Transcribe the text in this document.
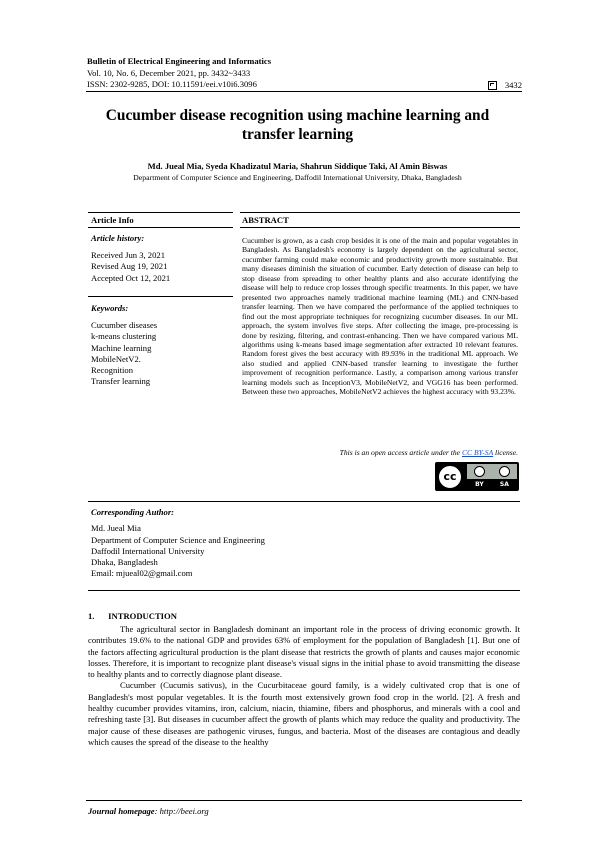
Bulletin of Electrical Engineering and Informatics
Vol. 10, No. 6, December 2021, pp. 3432~3433
ISSN: 2302-9285, DOI: 10.11591/eei.v10i6.3096	3432
Cucumber disease recognition using machine learning and transfer learning
Md. Jueal Mia, Syeda Khadizatul Maria, Shahrun Siddique Taki, Al Amin Biswas
Department of Computer Science and Engineering, Daffodil International University, Dhaka, Bangladesh
Article Info	ABSTRACT
Article history:
Received Jun 3, 2021
Revised Aug 19, 2021
Accepted Oct 12, 2021
Keywords:
Cucumber diseases
k-means clustering
Machine learning
MobileNetV2.
Recognition
Transfer learning
Cucumber is grown, as a cash crop besides it is one of the main and popular vegetables in Bangladesh. As Bangladesh's economy is largely dependent on the agricultural sector, cucumber farming could make economic and productivity growth more sustainable. But many diseases diminish the situation of cucumber. Early detection of disease can help to stop disease from spreading to other healthy plants and also accurate identifying the disease will help to reduce crop losses through specific treatments. In this paper, we have presented two approaches namely traditional machine learning (ML) and CNN-based transfer learning. Then we have compared the performance of the applied techniques to find out the most appropriate techniques for recognizing cucumber diseases. In our ML approach, the system involves five steps. After collecting the image, pre-processing is done by resizing, filtering, and contrast-enhancing. Then we have compared various ML algorithms using k-means based image segmentation after extracted 10 relevant features. Random forest gives the best accuracy with 89.93% in the traditional ML approach. We also studied and applied CNN-based transfer learning to investigate the further improvement of recognition performance. Lastly, a comparison among various transfer learning models such as InceptionV3, MobileNetV2, and VGG16 has been performed. Between these two approaches, MobileNetV2 achieves the highest accuracy with 93.23%.
This is an open access article under the CC BY-SA license.
cc
BY	SA
Corresponding Author:
Md. Jueal Mia
Department of Computer Science and Engineering
Daffodil International University
Dhaka, Bangladesh
Email: mjueal02@gmail.com
1. INTRODUCTION

The agricultural sector in Bangladesh dominant an important role in the process of driving economic growth. It contributes 19.6% to the national GDP and provides 63% of employment for the population of Bangladesh [1]. But one of the factors affecting agricultural production is the plant disease that restricts the growth of plants and causes major economic losses. Therefore, it is important to recognize plant disease's visual signs in the initial phase to avoid transmitting the disease to healthy plants and to correctly diagnose plant disease.

Cucumber (Cucumis sativus), in the Cucurbitaceae gourd family, is a widely cultivated crop that is one of Bangladesh's most popular vegetables. It is the fourth most extensively grown food crop in the world. [2]. A fresh and healthy cucumber provides vitamins, iron, calcium, niacin, thiamine, fibers and phosphorus, and minerals with a cool and refreshing taste [3]. But diseases in cucumber affect the growth of plants which may reduce the quality and productivity. The major cause of these diseases are pathogenic viruses, fungus, and bacteria. Most of the diseases are contagious and deadly which causes the spread of the disease to the healthy

Journal homepage: http://beei.org
